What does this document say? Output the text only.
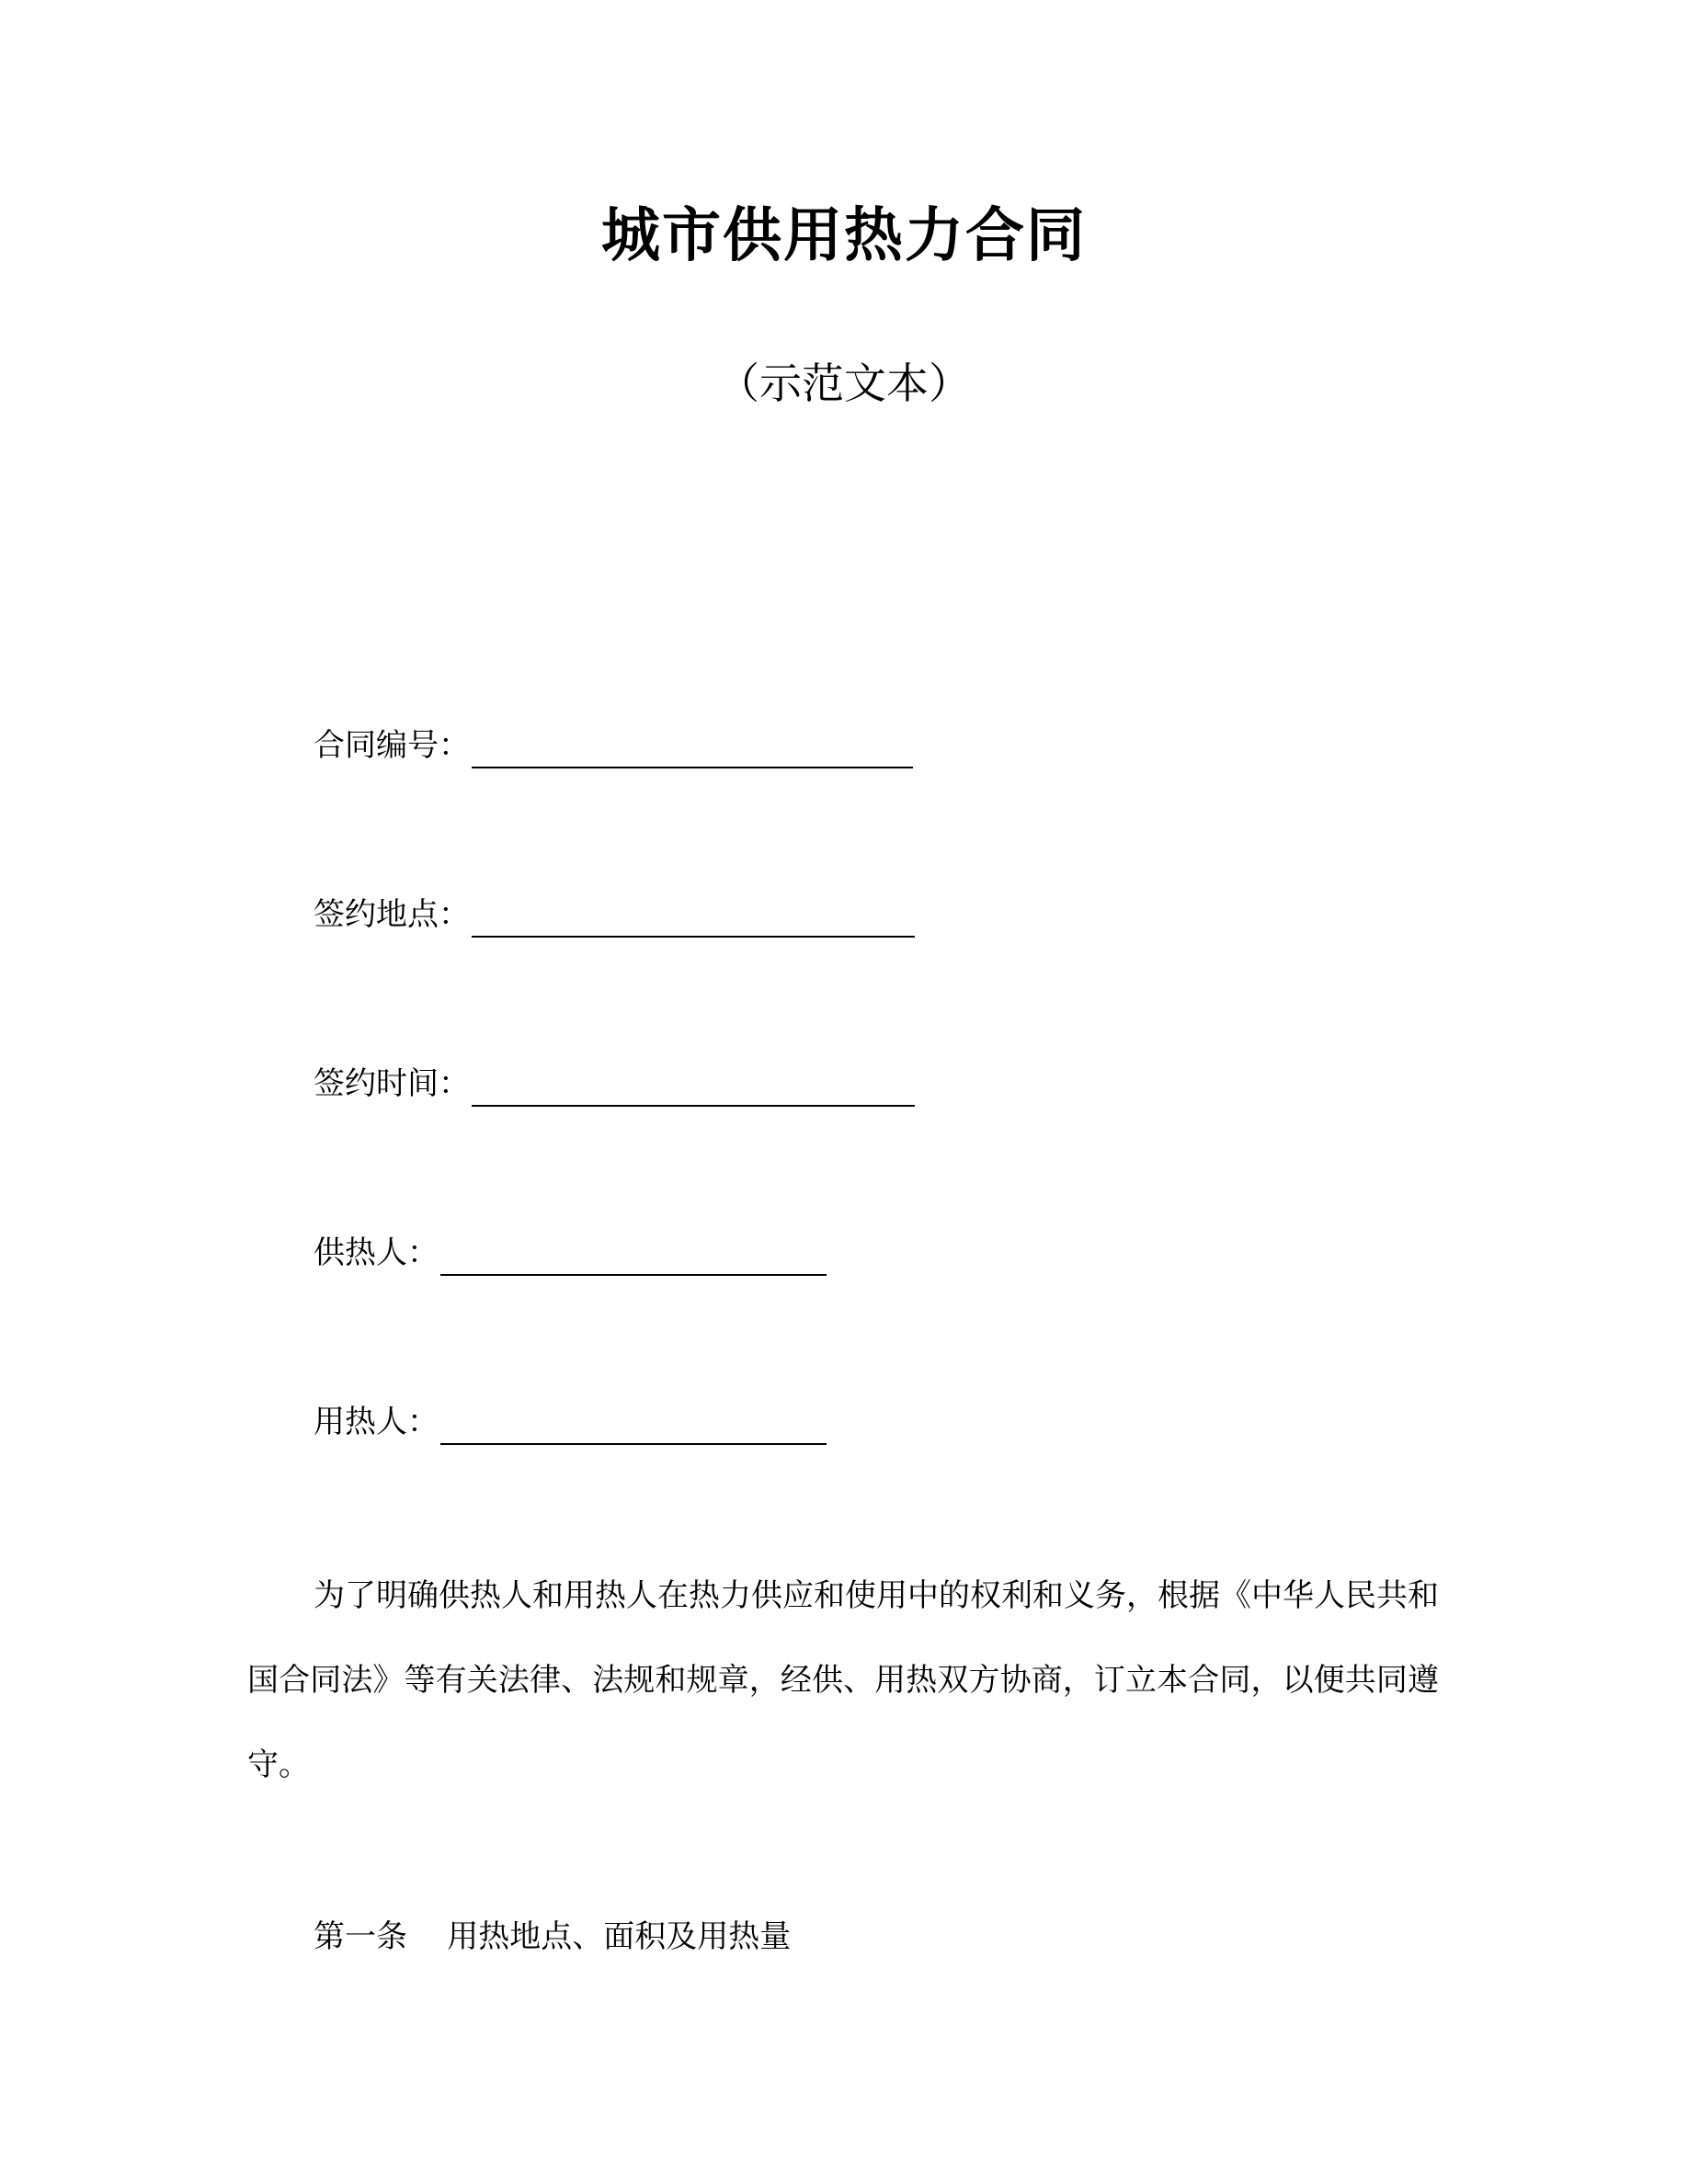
城市供用热力合同
（示范文本）
合同编号：
签约地点：
签约时间：
供热人：
用热人：
为了明确供热人和用热人在热力供应和使用中的权利和义务，根据《中华人民共和国合同法》等有关法律、法规和规章，经供、用热双方协商，订立本合同，以便共同遵守。
第一条 用热地点、面积及用热量
